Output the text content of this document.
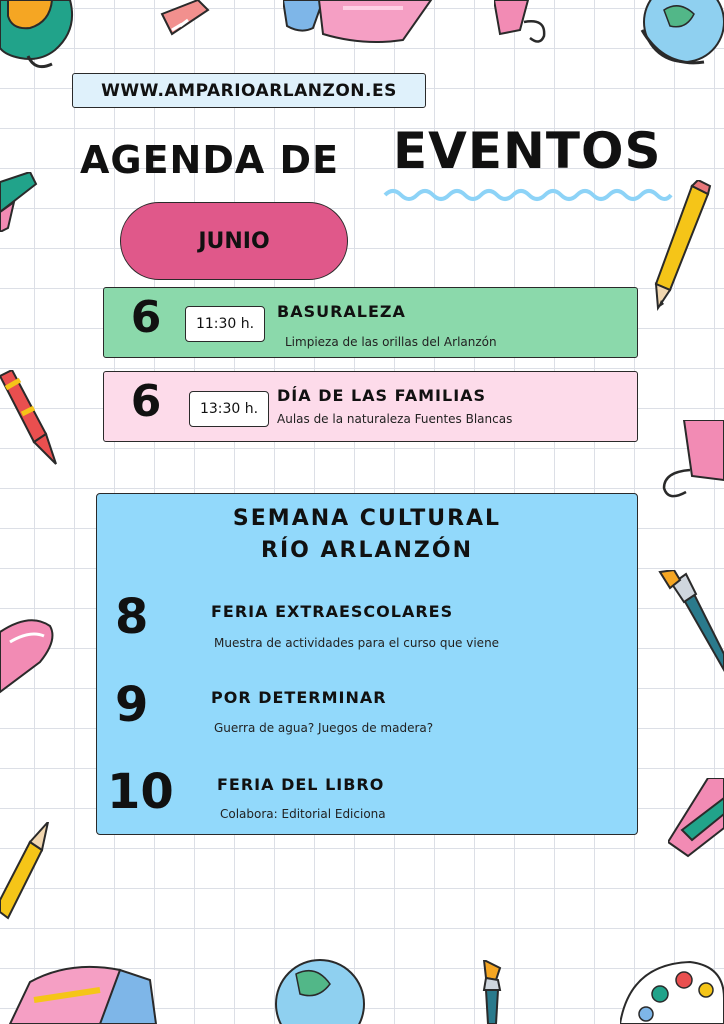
WWW.AMPARIOARLANZON.ES
AGENDA DE EVENTOS
JUNIO
6	11:30 h.
BASURALEZA
Limpieza de las orillas del Arlanzón
6	13:30 h.
DÍA DE LAS FAMILIAS
Aulas de la naturaleza Fuentes Blancas
SEMANA CULTURAL
RÍO ARLANZÓN
8	FERIA EXTRAESCOLARES
Muestra de actividades para el curso que viene
9	POR DETERMINAR
Guerra de agua? Juegos de madera?
10	FERIA DEL LIBRO
Colabora: Editorial Ediciona
